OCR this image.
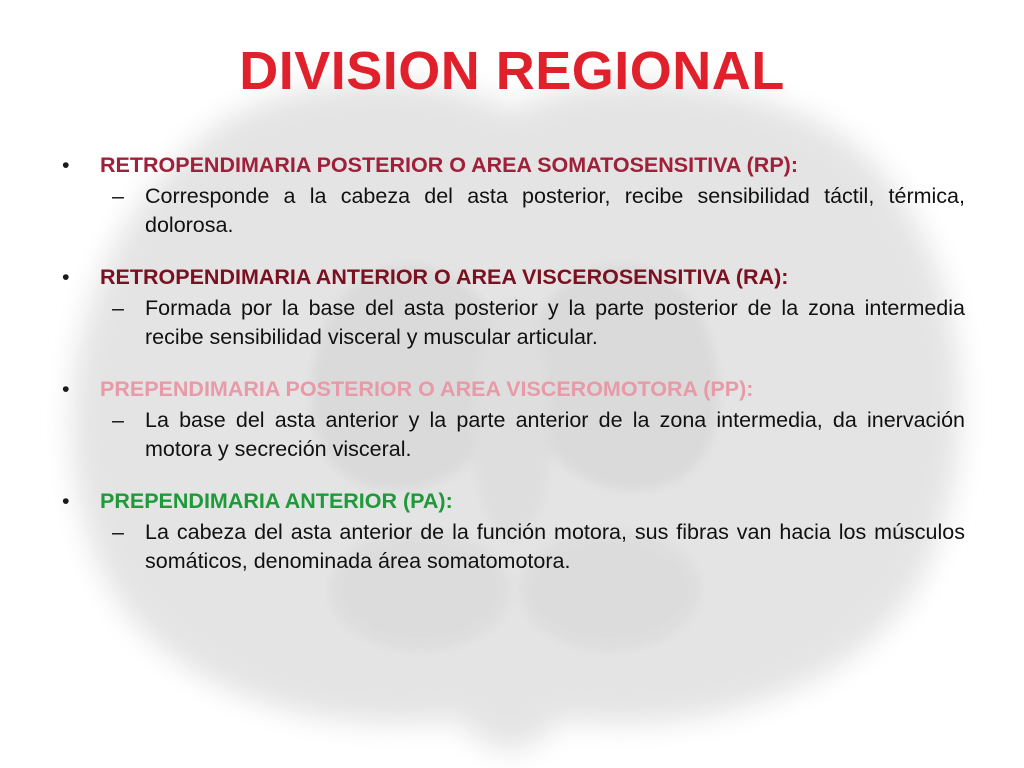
DIVISION REGIONAL
• RETROPENDIMARIA POSTERIOR O AREA SOMATOSENSITIVA (RP):
– Corresponde a la cabeza del asta posterior, recibe sensibilidad táctil, térmica, dolorosa.
• RETROPENDIMARIA ANTERIOR O AREA VISCEROSENSITIVA (RA):
– Formada por la base del asta posterior y la parte posterior de la zona intermedia recibe sensibilidad visceral y muscular articular.
• PREPENDIMARIA POSTERIOR O AREA VISCEROMOTORA (PP):
– La base del asta anterior y la parte anterior de la zona intermedia, da inervación motora y secreción visceral.
• PREPENDIMARIA ANTERIOR (PA):
– La cabeza del asta anterior de la función motora, sus fibras van hacia los músculos somáticos, denominada área somatomotora.
